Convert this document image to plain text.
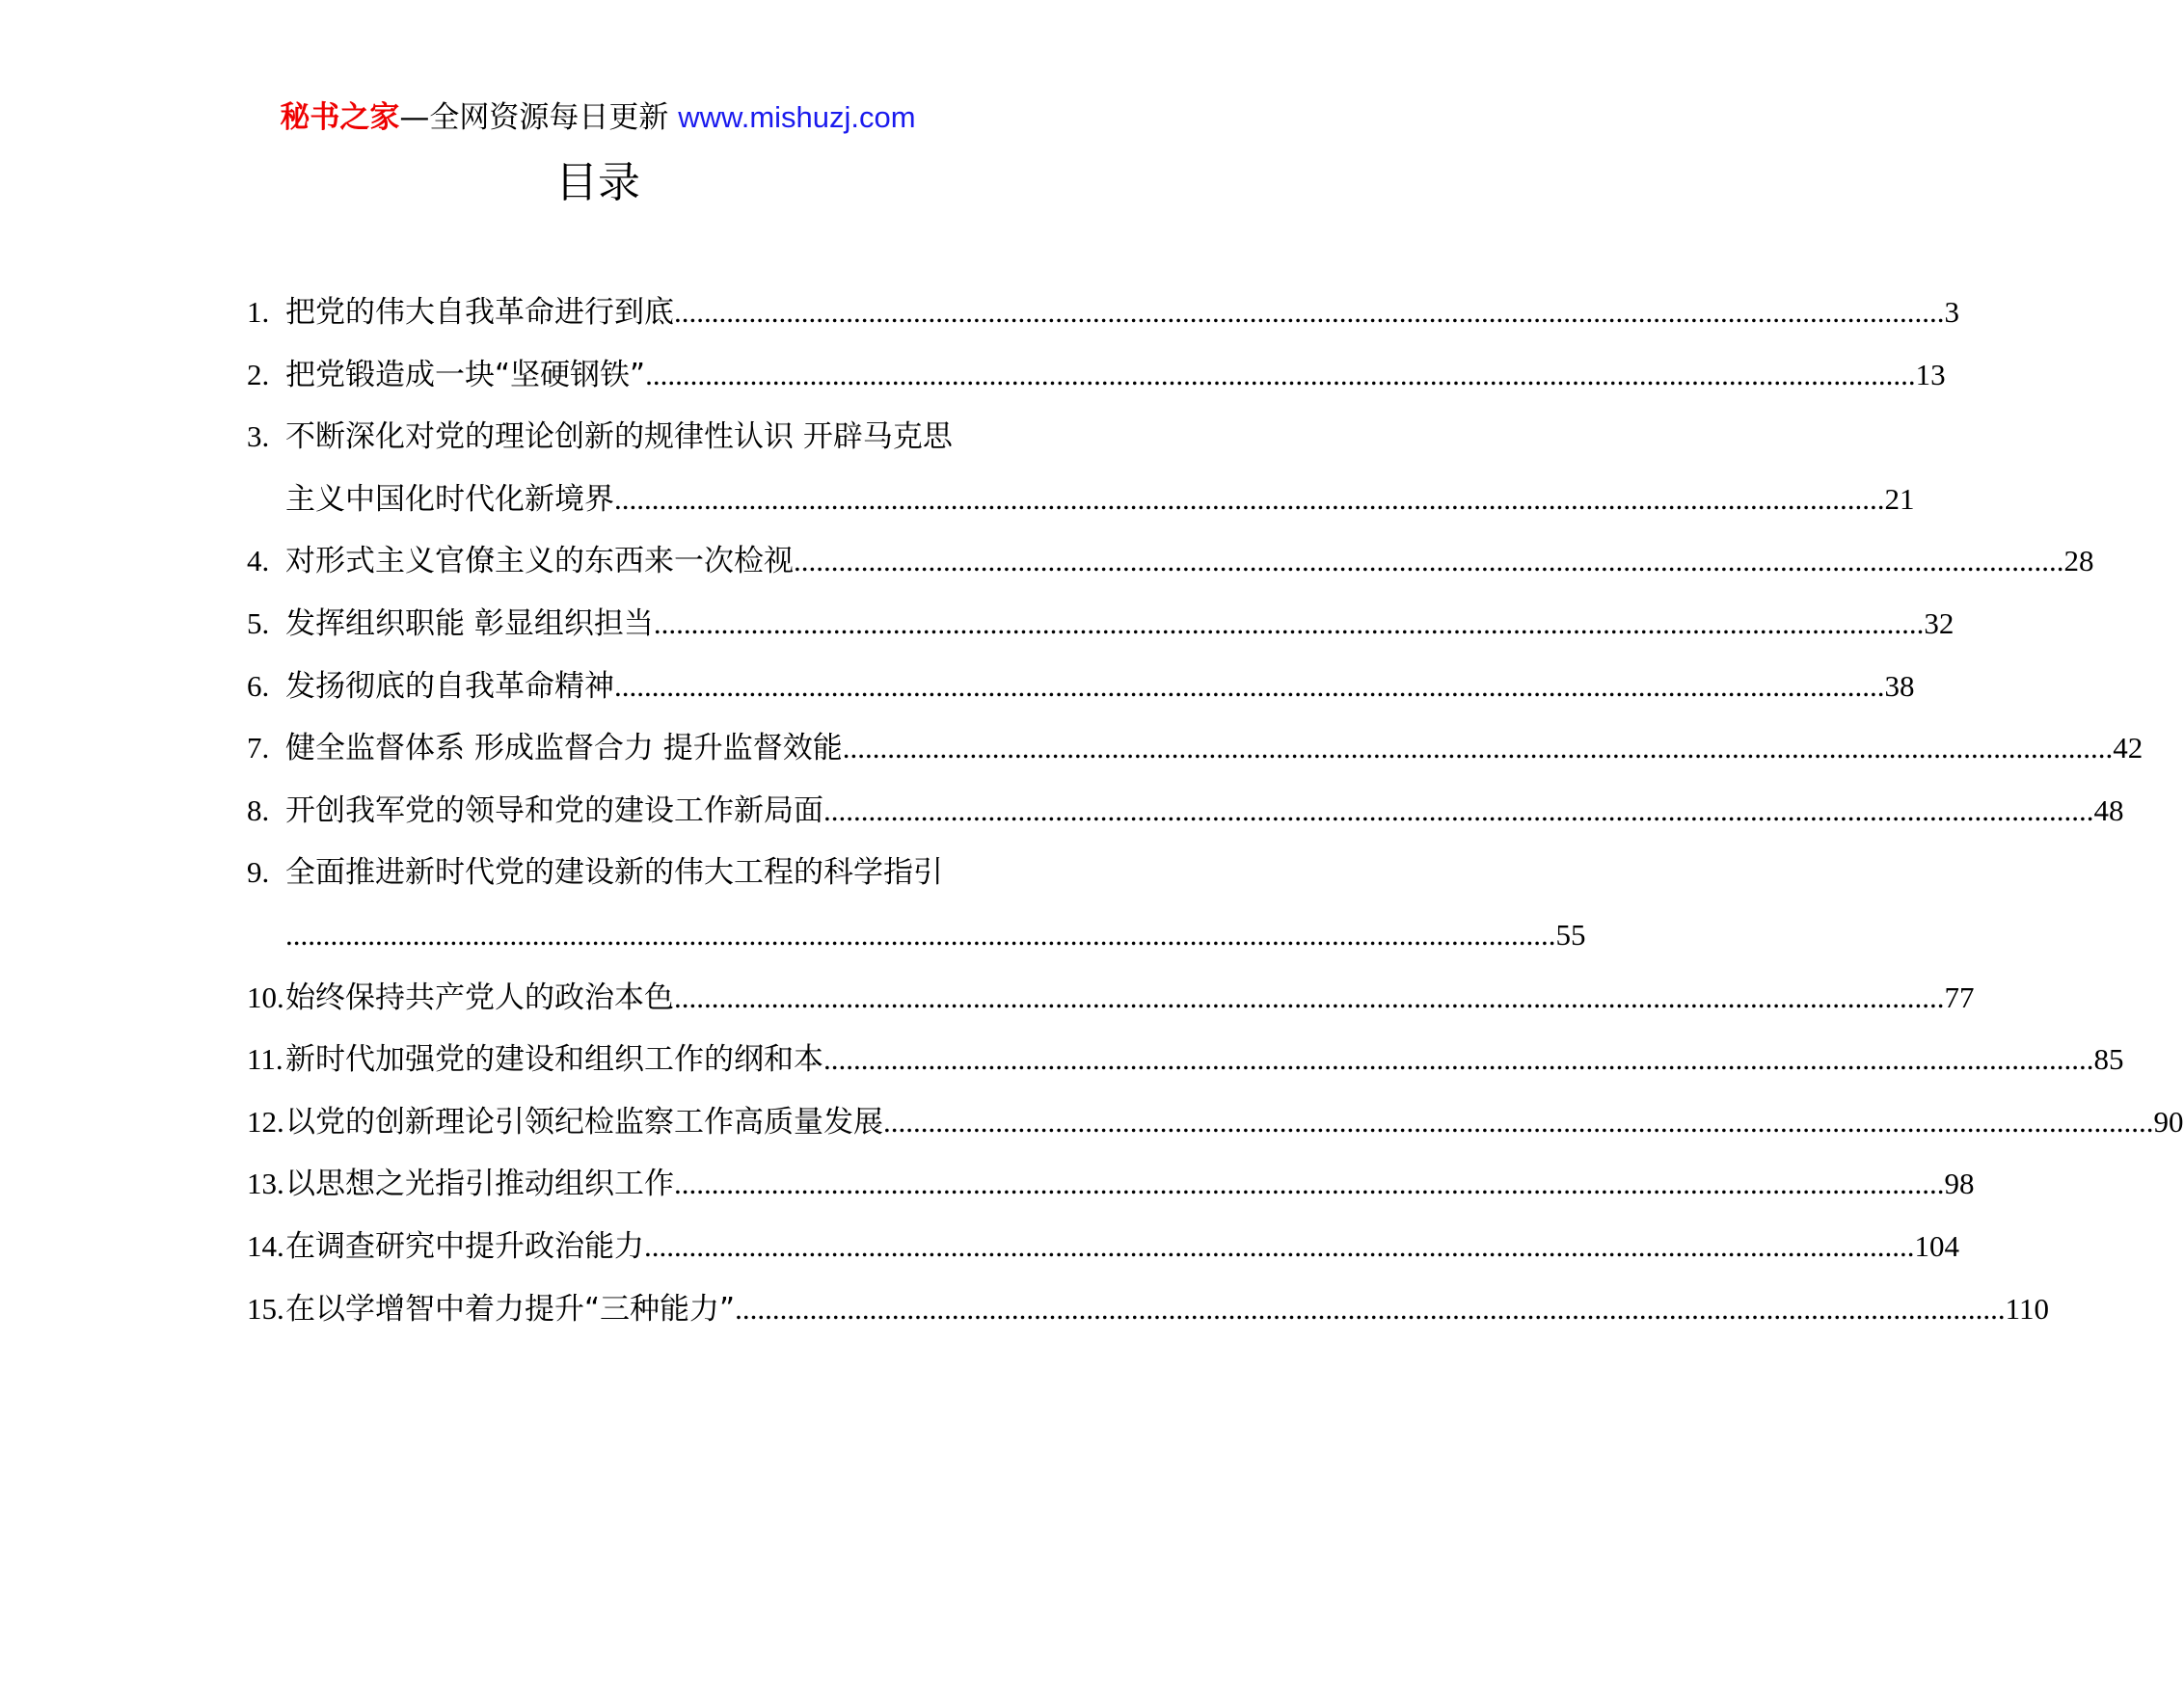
秘书之家—全网资源每日更新 www.mishuzj.com
目录
1. 把党的伟大自我革命进行到底 .......................................................................................................................................................................... 3
2. 把党锻造成一块“坚硬钢铁” .......................................................................................................................................................................... 13
3. 不断深化对党的理论创新的规律性认识 开辟马克思
主义中国化时代化新境界 .......................................................................................................................................................................... 21
4. 对形式主义官僚主义的东西来一次检视 .......................................................................................................................................................................... 28
5. 发挥组织职能 彰显组织担当 .......................................................................................................................................................................... 32
6. 发扬彻底的自我革命精神 .......................................................................................................................................................................... 38
7. 健全监督体系 形成监督合力 提升监督效能 .......................................................................................................................................................................... 42
8. 开创我军党的领导和党的建设工作新局面 .......................................................................................................................................................................... 48
9. 全面推进新时代党的建设新的伟大工程的科学指引
.......................................................................................................................................................................... 55
10. 始终保持共产党人的政治本色 .......................................................................................................................................................................... 77
11. 新时代加强党的建设和组织工作的纲和本 .......................................................................................................................................................................... 85
12. 以党的创新理论引领纪检监察工作高质量发展 .......................................................................................................................................................................... 90
13. 以思想之光指引推动组织工作 .......................................................................................................................................................................... 98
14. 在调查研究中提升政治能力 .......................................................................................................................................................................... 104
15. 在以学增智中着力提升“三种能力” .......................................................................................................................................................................... 110
